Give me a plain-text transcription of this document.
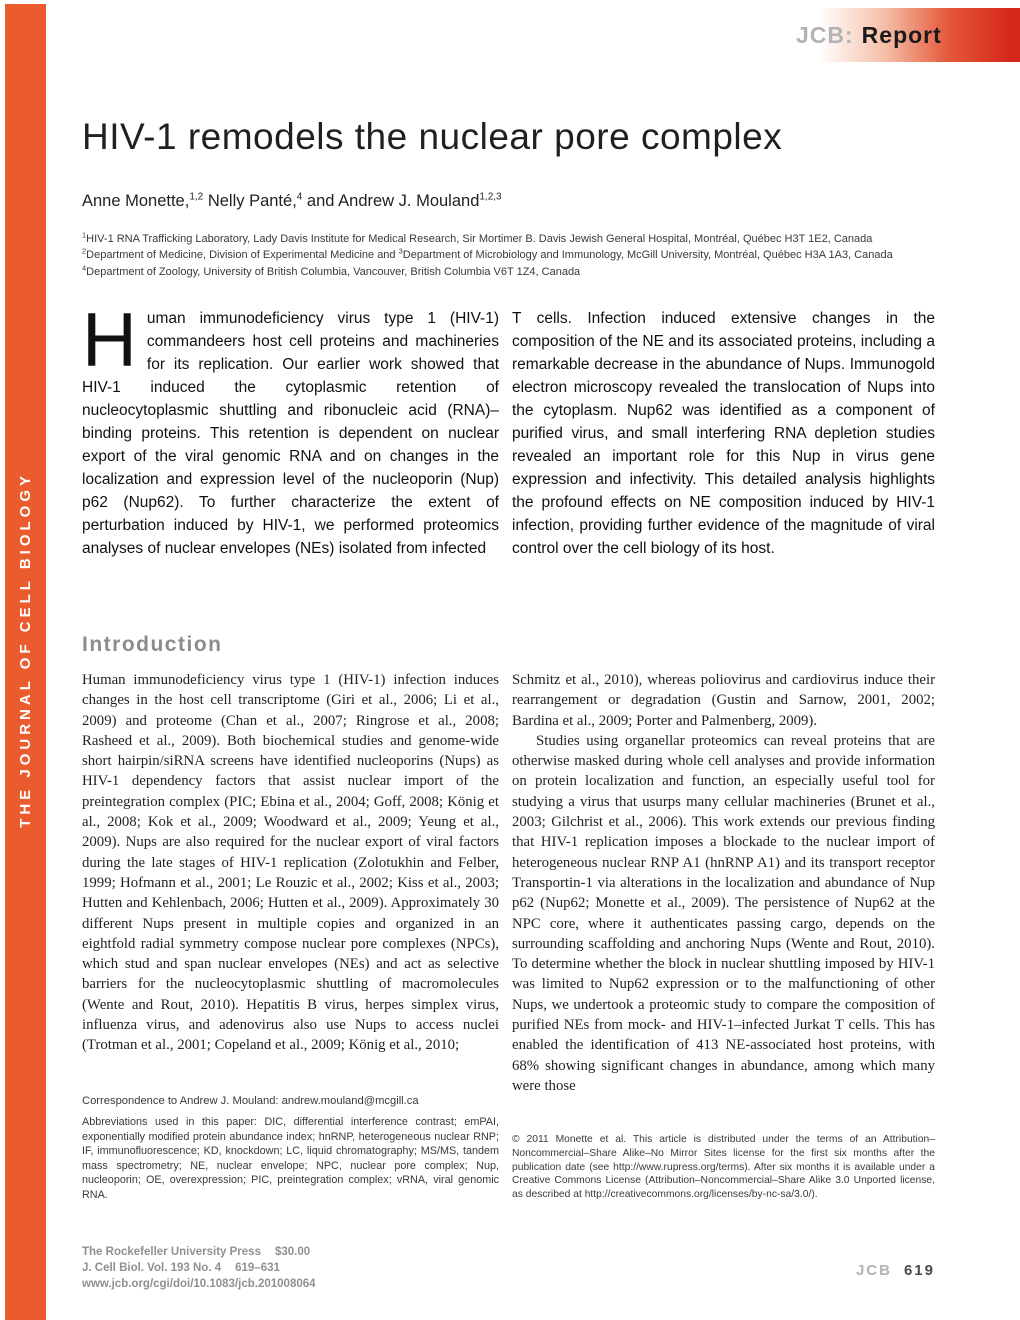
THE JOURNAL OF CELL BIOLOGY
JCB: Report
HIV-1 remodels the nuclear pore complex
Anne Monette,$^{1,2}$ Nelly Panté,$^4$ and Andrew J. Mouland$^{1,2,3}$
$^1$HIV-1 RNA Trafficking Laboratory, Lady Davis Institute for Medical Research, Sir Mortimer B. Davis Jewish General Hospital, Montréal, Québec H3T 1E2, Canada
$^2$Department of Medicine, Division of Experimental Medicine and $^3$Department of Microbiology and Immunology, McGill University, Montréal, Québec H3A 1A3, Canada
$^4$Department of Zoology, University of British Columbia, Vancouver, British Columbia V6T 1Z4, Canada
Human immunodeficiency virus type 1 (HIV-1) commandeers host cell proteins and machineries for its replication. Our earlier work showed that HIV-1 induced the cytoplasmic retention of nucleocytoplasmic shuttling and ribonucleic acid (RNA)–binding proteins. This retention is dependent on nuclear export of the viral genomic RNA and on changes in the localization and expression level of the nucleoporin (Nup) p62 (Nup62). To further characterize the extent of perturbation induced by HIV-1, we performed proteomics analyses of nuclear envelopes (NEs) isolated from infected
T cells. Infection induced extensive changes in the composition of the NE and its associated proteins, including a remarkable decrease in the abundance of Nups. Immunogold electron microscopy revealed the translocation of Nups into the cytoplasm. Nup62 was identified as a component of purified virus, and small interfering RNA depletion studies revealed an important role for this Nup in virus gene expression and infectivity. This detailed analysis highlights the profound effects on NE composition induced by HIV-1 infection, providing further evidence of the magnitude of viral control over the cell biology of its host.
Introduction

Human immunodeficiency virus type 1 (HIV-1) infection induces changes in the host cell transcriptome (Giri et al., 2006; Li et al., 2009) and proteome (Chan et al., 2007; Ringrose et al., 2008; Rasheed et al., 2009). Both biochemical studies and genome-wide short hairpin/siRNA screens have identified nucleoporins (Nups) as HIV-1 dependency factors that assist nuclear import of the preintegration complex (PIC; Ebina et al., 2004; Goff, 2008; König et al., 2008; Kok et al., 2009; Woodward et al., 2009; Yeung et al., 2009). Nups are also required for the nuclear export of viral factors during the late stages of HIV-1 replication (Zolotukhin and Felber, 1999; Hofmann et al., 2001; Le Rouzic et al., 2002; Kiss et al., 2003; Hutten and Kehlenbach, 2006; Hutten et al., 2009). Approximately 30 different Nups present in multiple copies and organized in an eightfold radial symmetry compose nuclear pore complexes (NPCs), which stud and span nuclear envelopes (NEs) and act as selective barriers for the nucleocytoplasmic shuttling of macromolecules (Wente and Rout, 2010). Hepatitis B virus, herpes simplex virus, influenza virus, and adenovirus also use Nups to access nuclei (Trotman et al., 2001; Copeland et al., 2009; König et al., 2010;

Schmitz et al., 2010), whereas poliovirus and cardiovirus induce their rearrangement or degradation (Gustin and Sarnow, 2001, 2002; Bardina et al., 2009; Porter and Palmenberg, 2009).

Studies using organellar proteomics can reveal proteins that are otherwise masked during whole cell analyses and provide information on protein localization and function, an especially useful tool for studying a virus that usurps many cellular machineries (Brunet et al., 2003; Gilchrist et al., 2006). This work extends our previous finding that HIV-1 replication imposes a blockade to the nuclear import of heterogeneous nuclear RNP A1 (hnRNP A1) and its transport receptor Transportin-1 via alterations in the localization and abundance of Nup p62 (Nup62; Monette et al., 2009). The persistence of Nup62 at the NPC core, where it authenticates passing cargo, depends on the surrounding scaffolding and anchoring Nups (Wente and Rout, 2010). To determine whether the block in nuclear shuttling imposed by HIV-1 was limited to Nup62 expression or to the malfunctioning of other Nups, we undertook a proteomic study to compare the composition of purified NEs from mock- and HIV-1–infected Jurkat T cells. This has enabled the identification of 413 NE-associated host proteins, with 68% showing significant changes in abundance, among which many were those

Correspondence to Andrew J. Mouland: andrew.mouland@mcgill.ca
Abbreviations used in this paper: DIC, differential interference contrast; emPAI, exponentially modified protein abundance index; hnRNP, heterogeneous nuclear RNP; IF, immunofluorescence; KD, knockdown; LC, liquid chromatography; MS/MS, tandem mass spectrometry; NE, nuclear envelope; NPC, nuclear pore complex; Nup, nucleoporin; OE, overexpression; PIC, preintegration complex; vRNA, viral genomic RNA.
© 2011 Monette et al. This article is distributed under the terms of an Attribution–Noncommercial–Share Alike–No Mirror Sites license for the first six months after the publication date (see http://www.rupress.org/terms). After six months it is available under a Creative Commons License (Attribution–Noncommercial–Share Alike 3.0 Unported license, as described at http://creativecommons.org/licenses/by-nc-sa/3.0/).
The Rockefeller University Press $30.00
J. Cell Biol. Vol. 193 No. 4 619–631
www.jcb.org/cgi/doi/10.1083/jcb.201008064
JCB 619
